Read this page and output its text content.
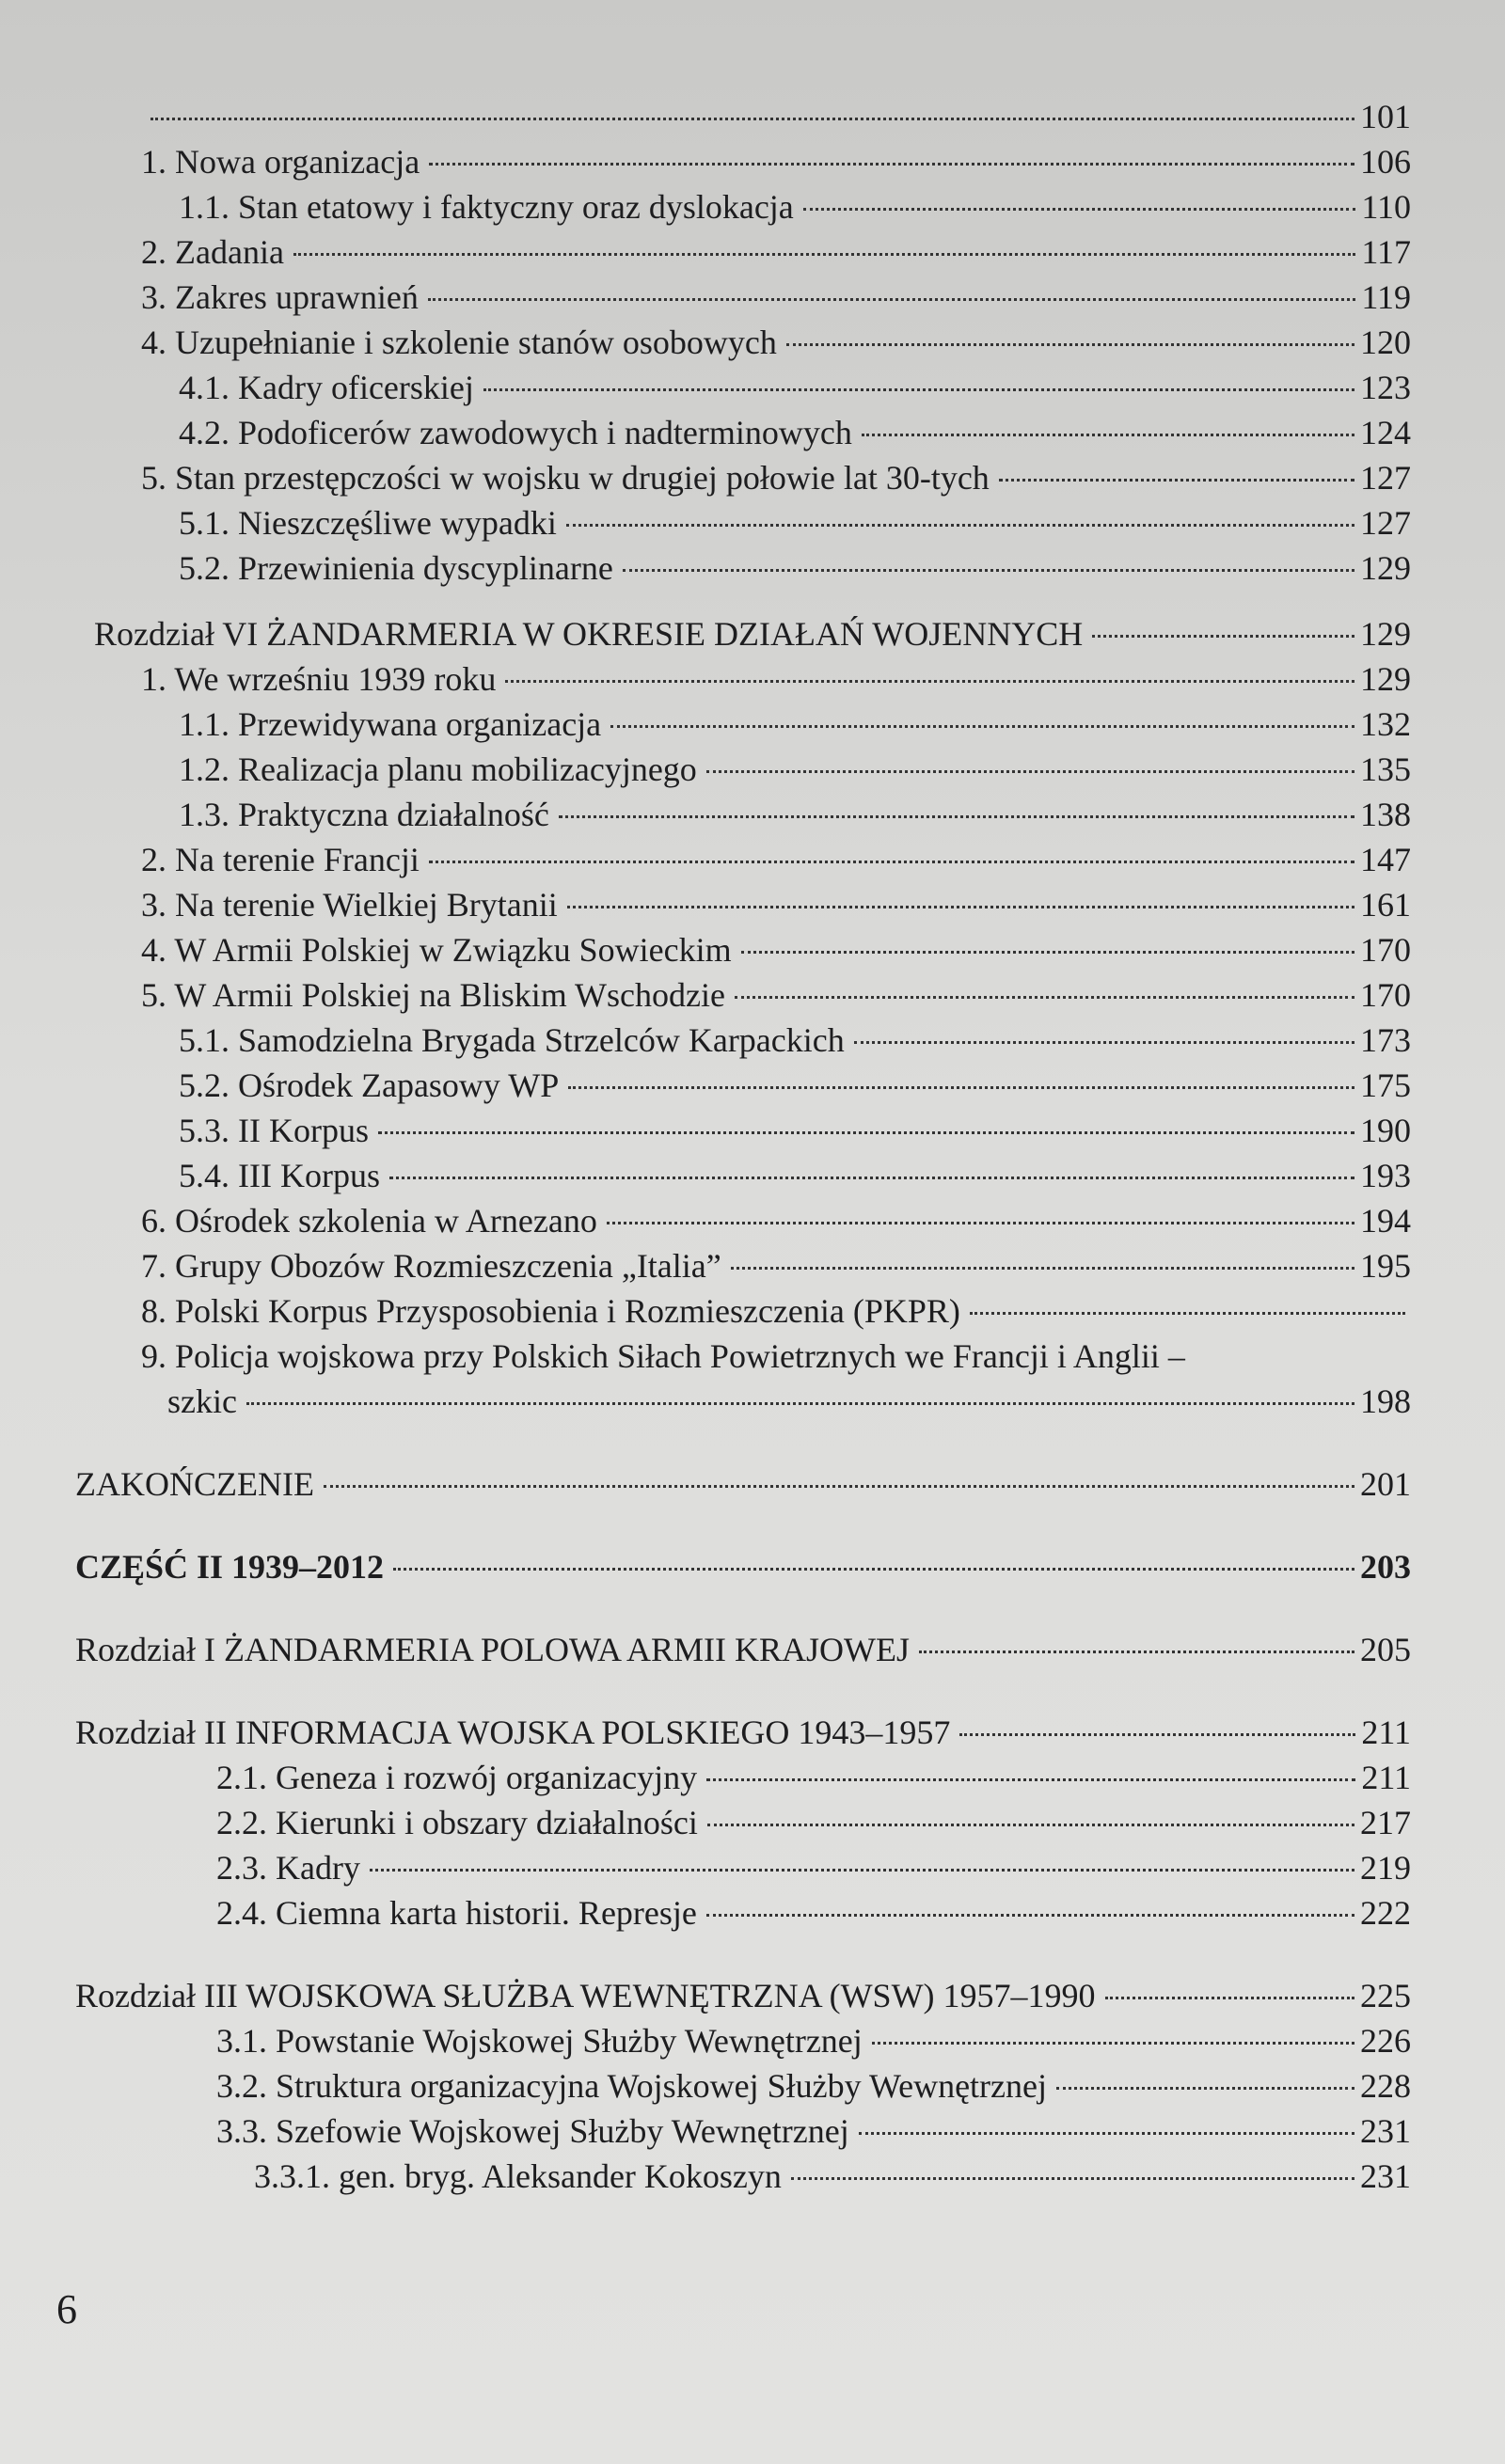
101
1. Nowa organizacja	106
1.1. Stan etatowy i faktyczny oraz dyslokacja	110
2. Zadania	117
3. Zakres uprawnień	119
4. Uzupełnianie i szkolenie stanów osobowych	120
4.1. Kadry oficerskiej	123
4.2. Podoficerów zawodowych i nadterminowych	124
5. Stan przestępczości w wojsku w drugiej połowie lat 30-tych	127
5.1. Nieszczęśliwe wypadki	127
5.2. Przewinienia dyscyplinarne	129
Rozdział VI ŻANDARMERIA W OKRESIE DZIAŁAŃ WOJENNYCH	129
1. We wrześniu 1939 roku	129
1.1. Przewidywana organizacja	132
1.2. Realizacja planu mobilizacyjnego	135
1.3. Praktyczna działalność	138
2. Na terenie Francji	147
3. Na terenie Wielkiej Brytanii	161
4. W Armii Polskiej w Związku Sowieckim	170
5. W Armii Polskiej na Bliskim Wschodzie	170
5.1. Samodzielna Brygada Strzelców Karpackich	173
5.2. Ośrodek Zapasowy WP	175
5.3. II Korpus	190
5.4. III Korpus	193
6. Ośrodek szkolenia w Arnezano	194
7. Grupy Obozów Rozmieszczenia „Italia”	195
8. Polski Korpus Przysposobienia i Rozmieszczenia (PKPR)
9. Policja wojskowa przy Polskich Siłach Powietrznych we Francji i Anglii –
szkic	198
ZAKOŃCZENIE	201
CZĘŚĆ II 1939–2012	203
Rozdział I ŻANDARMERIA POLOWA ARMII KRAJOWEJ	205
Rozdział II INFORMACJA WOJSKA POLSKIEGO 1943–1957	211
2.1. Geneza i rozwój organizacyjny	211
2.2. Kierunki i obszary działalności	217
2.3. Kadry	219
2.4. Ciemna karta historii. Represje	222
Rozdział III WOJSKOWA SŁUŻBA WEWNĘTRZNA (WSW) 1957–1990	225
3.1. Powstanie Wojskowej Służby Wewnętrznej	226
3.2. Struktura organizacyjna Wojskowej Służby Wewnętrznej	228
3.3. Szefowie Wojskowej Służby Wewnętrznej	231
3.3.1. gen. bryg. Aleksander Kokoszyn	231
6
